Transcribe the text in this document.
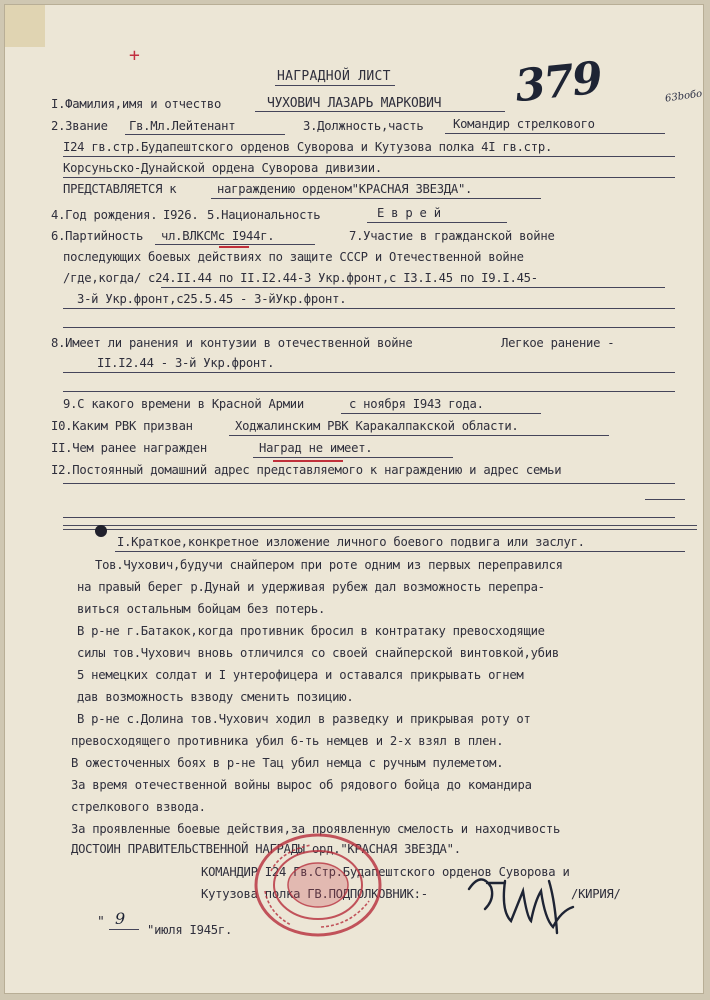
+
НАГРАДНОЙ ЛИСТ	379	63bобо
I.Фамилия,имя и отчество	ЧУХОВИЧ ЛАЗАРЬ МАРКОВИЧ
2.Звание Гв.Мл.Лейтенант	3.Должность,часть Командир стрелкового
I24 гв.стр.Будапештского орденов Суворова и Кутузова полка 4I гв.стр.
Корсуньско-Дунайской ордена Суворова дивизии.
ПРЕДСТАВЛЯЕТСЯ к	награждению орденом"КРАСНАЯ ЗВЕЗДА".
4.Год рождения. I926. 5.Национальность	Е в р е й
6.Партийность чл.ВЛКСМс I944г.	7.Участие в гражданской войне
последующих боевых действиях по защите СССР и Отечественной войне
/где,когда/ с24.II.44 по II.I2.44-3 Укр.фронт,с I3.I.45 по I9.I.45-
3-й Укр.фронт,с25.5.45 - 3-йУкр.фронт.
8.Имеет ли ранения и контузии в отечественной войне	Легкое ранение -
II.I2.44 - 3-й Укр.фронт.
9.С какого времени в Красной Армии	с ноября I943 года.
I0.Каким РВК призван	Ходжалинским РВК Каракалпакской области.
II.Чем ранее награжден	Наград не имеет.
I2.Постоянный домашний адрес представляемого к награждению и адрес семьи
I.Краткое,конкретное изложение личного боевого подвига или заслуг.
Тов.Чухович,будучи снайпером при роте одним из первых переправился
на правый берег р.Дунай и удерживая рубеж дал возможность перепра-
виться остальным бойцам без потерь.
В р-не г.Батакок,когда противник бросил в контратаку превосходящие
силы тов.Чухович вновь отличился со своей снайперской винтовкой,убив
5 немецких солдат и I унтерофицера и оставался прикрывать огнем
дав возможность взводу сменить позицию.
В р-не с.Долина тов.Чухович ходил в разведку и прикрывая роту от
превосходящего противника убил 6-ть немцев и 2-х взял в плен.
В ожесточенных боях в р-не Тац убил немца с ручным пулеметом.
За время отечественной войны вырос об рядового бойца до командира
стрелкового взвода.
За проявленные боевые действия,за проявленную смелость и находчивость
ДОСТОИН ПРАВИТЕЛЬСТВЕННОЙ НАГРАДЫ орд."КРАСНАЯ ЗВЕЗДА".
КОМАНДИР I24 Гв.Стр.Будапештского орденов Суворова и
Кутузова полка ГВ.ПОДПОЛКОВНИК:-	/КИРИЯ/
9
"	"июля I945г.
